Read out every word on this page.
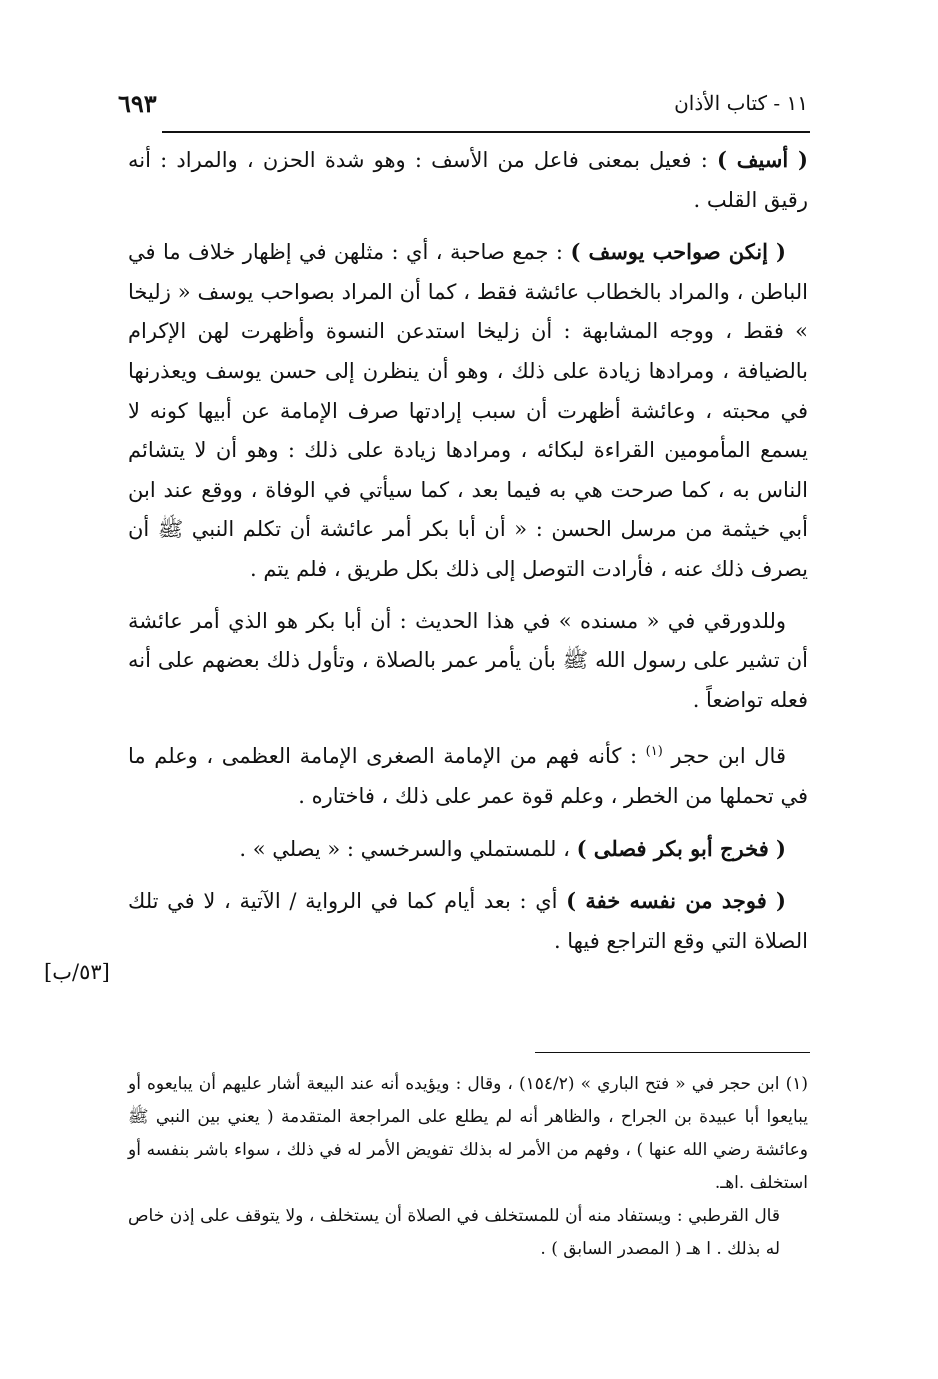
١١ - كتاب الأذان
٦٩٣

( أسيف ) : فعيل بمعنى فاعل من الأسف : وهو شدة الحزن ، والمراد : أنه رقيق القلب .

( إنكن صواحب يوسف ) : جمع صاحبة ، أي : مثلهن في إظهار خلاف ما في الباطن ، والمراد بالخطاب عائشة فقط ، كما أن المراد بصواحب يوسف « زليخا » فقط ، ووجه المشابهة : أن زليخا استدعن النسوة وأظهرت لهن الإكرام بالضيافة ، ومرادها زيادة على ذلك ، وهو أن ينظرن إلى حسن يوسف ويعذرنها في محبته ، وعائشة أظهرت أن سبب إرادتها صرف الإمامة عن أبيها كونه لا يسمع المأمومين القراءة لبكائه ، ومرادها زيادة على ذلك : وهو أن لا يتشائم الناس به ، كما صرحت هي به فيما بعد ، كما سيأتي في الوفاة ، ووقع عند ابن أبي خيثمة من مرسل الحسن : « أن أبا بكر أمر عائشة أن تكلم النبي ﷺ أن يصرف ذلك عنه ، فأرادت التوصل إلى ذلك بكل طريق ، فلم يتم .

وللدورقي في « مسنده » في هذا الحديث : أن أبا بكر هو الذي أمر عائشة أن تشير على رسول الله ﷺ بأن يأمر عمر بالصلاة ، وتأول ذلك بعضهم على أنه فعله تواضعاً .

قال ابن حجر $^{(١)}$ : كأنه فهم من الإمامة الصغرى الإمامة العظمى ، وعلم ما في تحملها من الخطر ، وعلم قوة عمر على ذلك ، فاختاره .

( فخرج أبو بكر فصلى ) ، للمستملي والسرخسي : « يصلي » .

( فوجد من نفسه خفة ) أي : بعد أيام كما في الرواية / الآتية ، لا في تلك الصلاة التي وقع التراجع فيها .

[٥٣/ب]

(١) ابن حجر في « فتح الباري » (١٥٤/٢) ، وقال : ويؤيده أنه عند البيعة أشار عليهم أن يبايعوه أو يبايعوا أبا عبيدة بن الجراح ، والظاهر أنه لم يطلع على المراجعة المتقدمة ( يعني بين النبي ﷺ وعائشة رضي الله عنها ) ، وفهم من الأمر له بذلك تفويض الأمر له في ذلك ، سواء باشر بنفسه أو استخلف .اهـ.

قال القرطبي : ويستفاد منه أن للمستخلف في الصلاة أن يستخلف ، ولا يتوقف على إذن خاص له بذلك . ا هـ ( المصدر السابق ) .
